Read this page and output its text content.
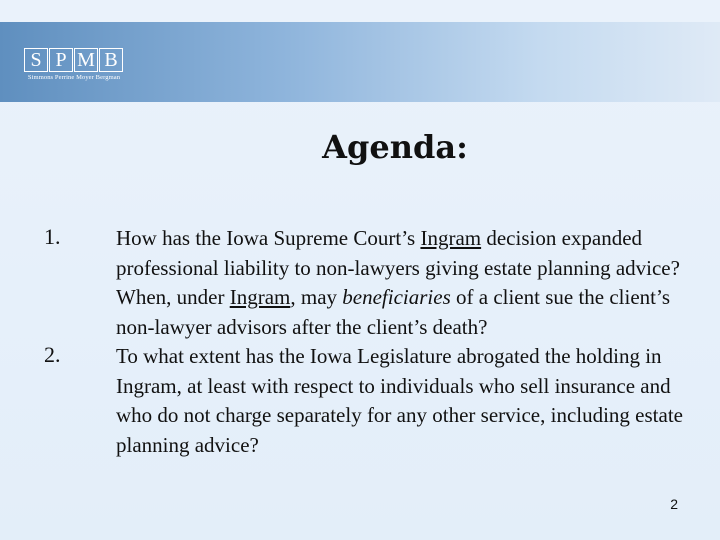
S P M B
Simmons Perrine Moyer Bergman
Agenda:
1.	How has the Iowa Supreme Court’s Ingram decision expanded professional liability to non-lawyers giving estate planning advice? When, under Ingram, may beneficiaries of a client sue the client’s non-lawyer advisors after the client’s death?
2.	To what extent has the Iowa Legislature abrogated the holding in Ingram, at least with respect to individuals who sell insurance and who do not charge separately for any other service, including estate planning advice?
2
